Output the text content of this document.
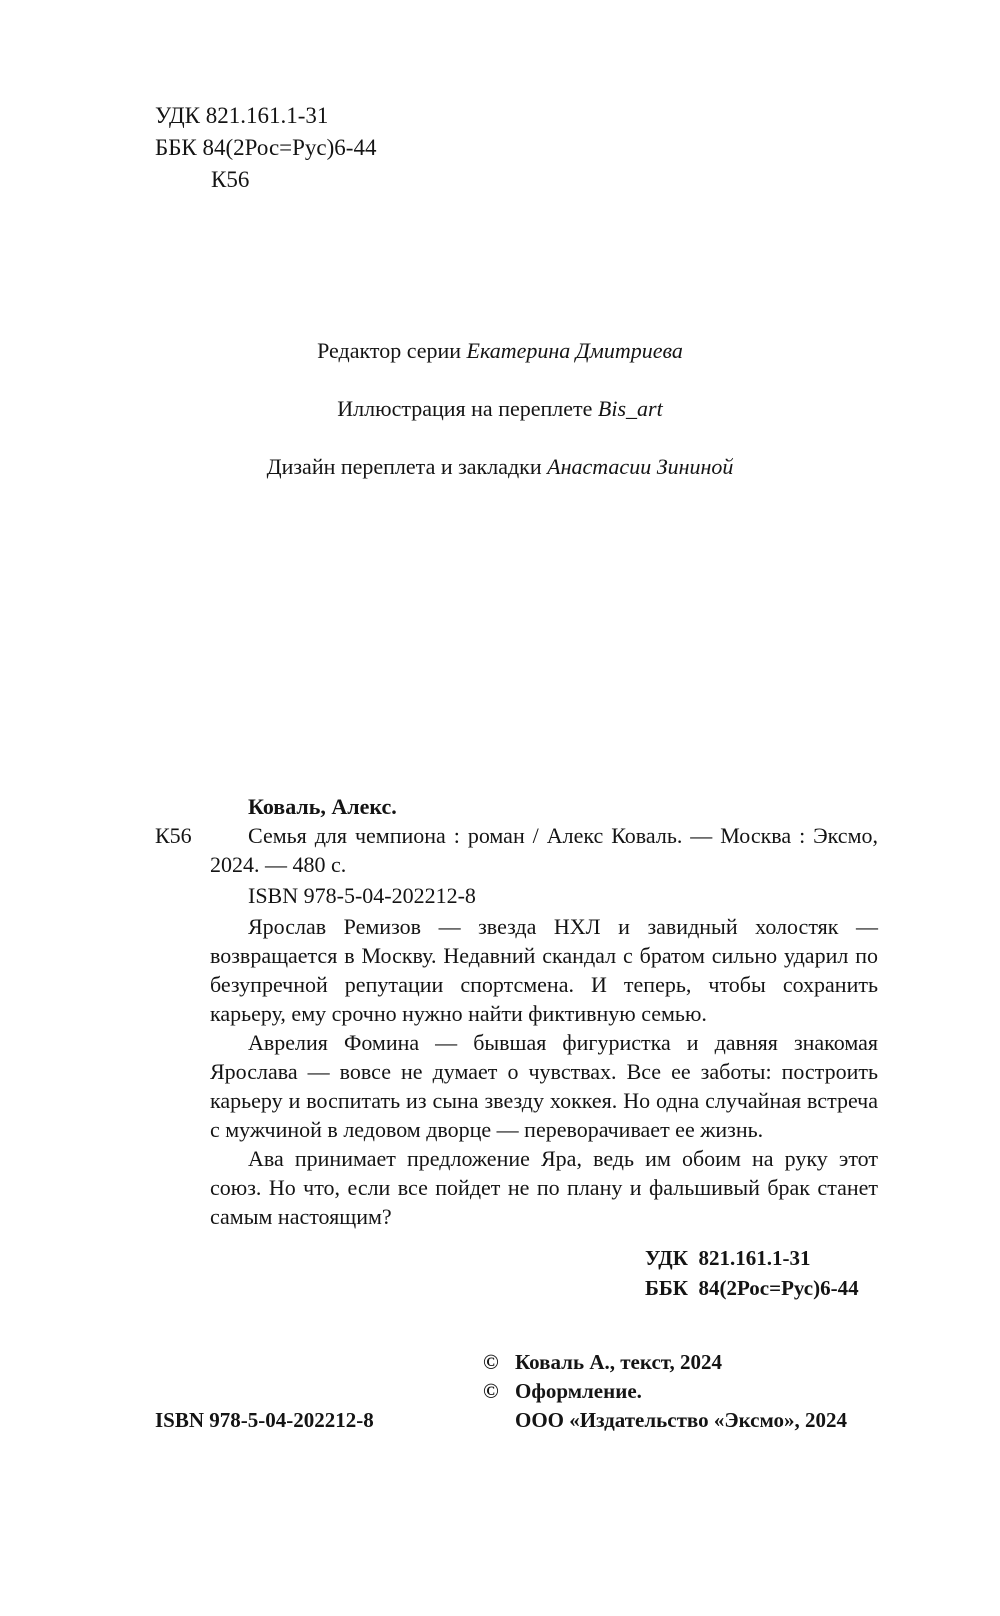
УДК 821.161.1-31
ББК 84(2Рос=Рус)6-44
К56
Редактор серии Екатерина Дмитриева
Иллюстрация на переплете Bis_art
Дизайн переплета и закладки Анастасии Зининой

Коваль, Алекс.

К56	Семья для чемпиона : роман / Алекс Коваль. — Москва : Эксмо, 2024. — 480 с.

ISBN 978-5-04-202212-8

Ярослав Ремизов — звезда НХЛ и завидный холостяк — возвращается в Москву. Недавний скандал с братом сильно ударил по безупречной репутации спортсмена. И теперь, чтобы сохранить карьеру, ему срочно нужно найти фиктивную семью.

Аврелия Фомина — бывшая фигуристка и давняя знакомая Ярослава — вовсе не думает о чувствах. Все ее заботы: построить карьеру и воспитать из сына звезду хоккея. Но одна случайная встреча с мужчиной в ледовом дворце — переворачивает ее жизнь.

Ава принимает предложение Яра, ведь им обоим на руку этот союз. Но что, если все пойдет не по плану и фальшивый брак станет самым настоящим?

УДК  821.161.1-31
ББК  84(2Рос=Рус)6-44
© Коваль А., текст, 2024
© Оформление.
ООО «Издательство «Эксмо», 2024
ISBN 978-5-04-202212-8
